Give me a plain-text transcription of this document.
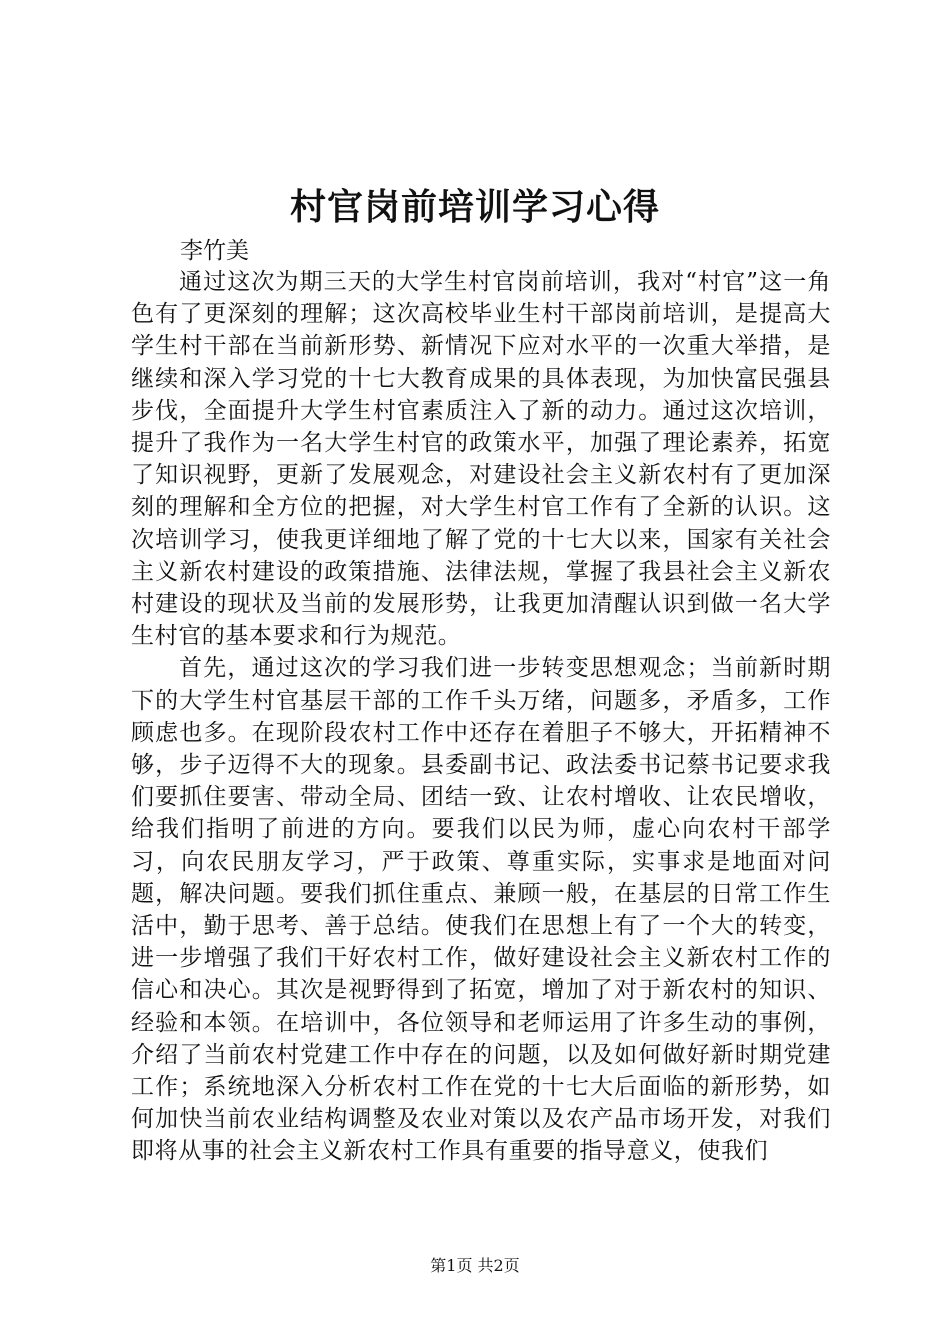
村官岗前培训学习心得

李竹美

通过这次为期三天的大学生村官岗前培训，我对“村官”这一角色有了更深刻的理解；这次高校毕业生村干部岗前培训，是提高大学生村干部在当前新形势、新情况下应对水平的一次重大举措，是继续和深入学习党的十七大教育成果的具体表现，为加快富民强县步伐，全面提升大学生村官素质注入了新的动力。通过这次培训，提升了我作为一名大学生村官的政策水平，加强了理论素养，拓宽了知识视野，更新了发展观念，对建设社会主义新农村有了更加深刻的理解和全方位的把握，对大学生村官工作有了全新的认识。这次培训学习，使我更详细地了解了党的十七大以来，国家有关社会主义新农村建设的政策措施、法律法规，掌握了我县社会主义新农村建设的现状及当前的发展形势，让我更加清醒认识到做一名大学生村官的基本要求和行为规范。

首先，通过这次的学习我们进一步转变思想观念；当前新时期下的大学生村官基层干部的工作千头万绪，问题多，矛盾多，工作顾虑也多。在现阶段农村工作中还存在着胆子不够大，开拓精神不够，步子迈得不大的现象。县委副书记、政法委书记蔡书记要求我们要抓住要害、带动全局、团结一致、让农村增收、让农民增收，给我们指明了前进的方向。要我们以民为师，虚心向农村干部学习，向农民朋友学习，严于政策、尊重实际，实事求是地面对问题，解决问题。要我们抓住重点、兼顾一般，在基层的日常工作生活中，勤于思考、善于总结。使我们在思想上有了一个大的转变，进一步增强了我们干好农村工作，做好建设社会主义新农村工作的信心和决心。其次是视野得到了拓宽，增加了对于新农村的知识、经验和本领。在培训中，各位领导和老师运用了许多生动的事例，介绍了当前农村党建工作中存在的问题，以及如何做好新时期党建工作；系统地深入分析农村工作在党的十七大后面临的新形势，如何加快当前农业结构调整及农业对策以及农产品市场开发，对我们即将从事的社会主义新农村工作具有重要的指导意义，使我们

第1页 共2页
